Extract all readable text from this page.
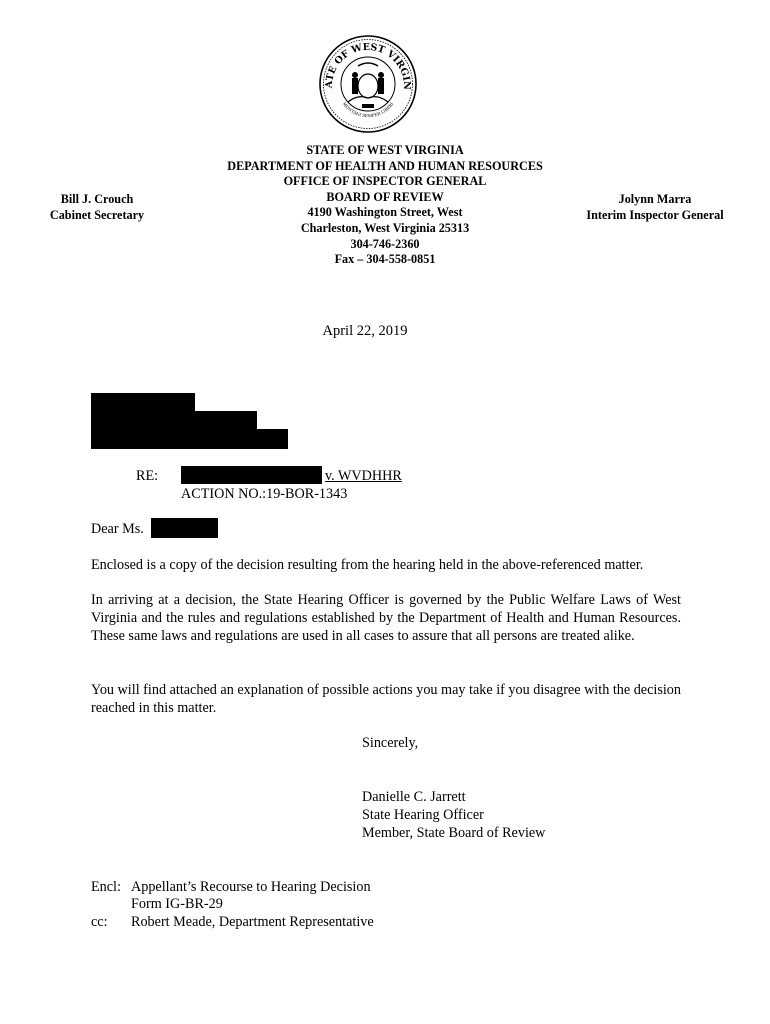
ATE OF WEST VIRGIN
MONTANI SEMPER LIBERI
STATE OF WEST VIRGINIA
DEPARTMENT OF HEALTH AND HUMAN RESOURCES
OFFICE OF INSPECTOR GENERAL
BOARD OF REVIEW
4190 Washington Street, West
Charleston, West Virginia 25313
304-746-2360
Fax – 304-558-0851
Bill J. Crouch
Cabinet Secretary
Jolynn Marra
Interim Inspector General
April 22, 2019
RE:	v. WVDHHR
ACTION NO.:19-BOR-1343
Dear Ms.
Enclosed is a copy of the decision resulting from the hearing held in the above-referenced matter.
In arriving at a decision, the State Hearing Officer is governed by the Public Welfare Laws of West Virginia and the rules and regulations established by the Department of Health and Human Resources. These same laws and regulations are used in all cases to assure that all persons are treated alike.
You will find attached an explanation of possible actions you may take if you disagree with the decision reached in this matter.
Sincerely,
Danielle C. Jarrett
State Hearing Officer
Member, State Board of Review
Encl: Appellant’s Recourse to Hearing Decision
Form IG-BR-29
cc: Robert Meade, Department Representative
